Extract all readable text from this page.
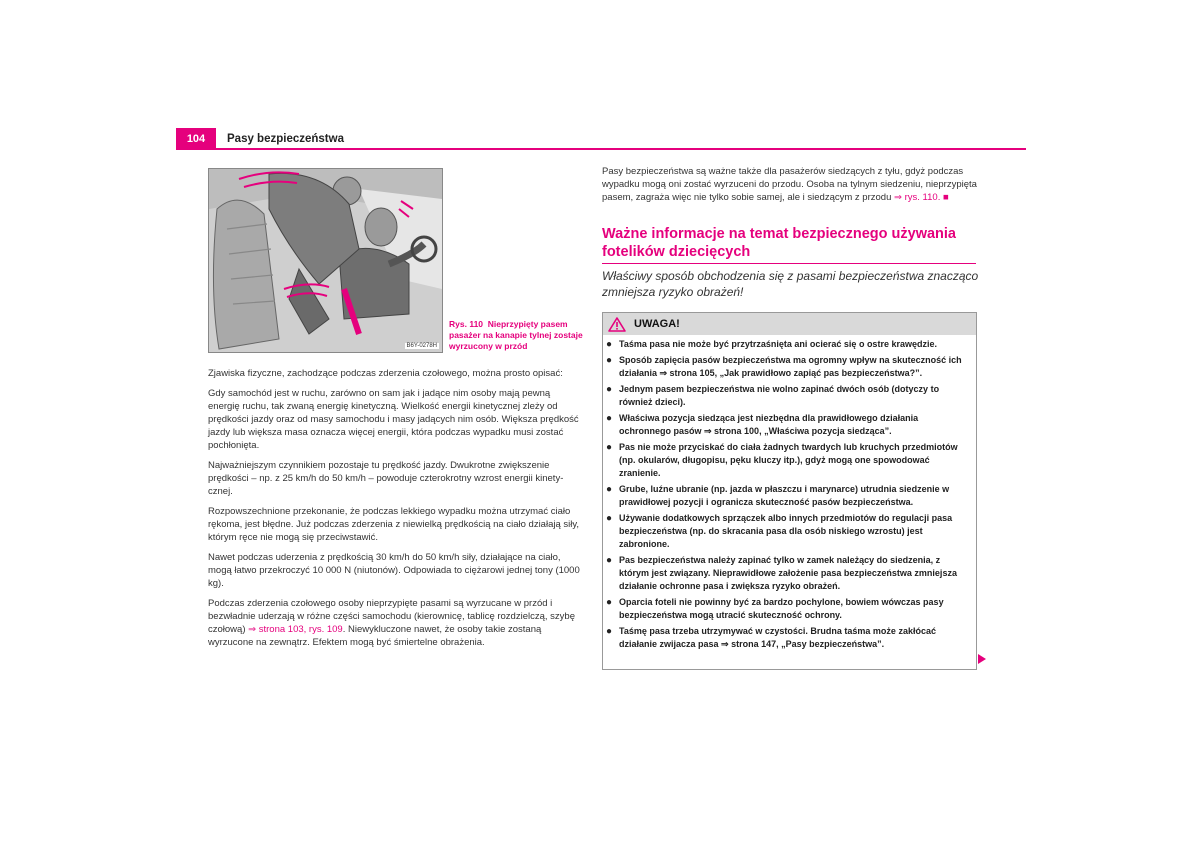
104	Pasy bezpieczeństwa
B6Y-0278H
Rys. 110 Nieprzypięty pasem pasażer na kanapie tylnej zostaje wyrzucony w przód

Zjawiska fizyczne, zachodzące podczas zderzenia czołowego, można prosto opisać:

Gdy samochód jest w ruchu, zarówno on sam jak i jadące nim osoby mają pewną energię ruchu, tak zwaną energię kinetyczną. Wielkość energii kinetycznej zleży od prędkości jazdy oraz od masy samochodu i masy jadących nim osób. Większa prędkość jazdy lub większa masa oznacza więcej energii, która podczas wypadku musi zostać pochłonięta.

Najważniejszym czynnikiem pozostaje tu prędkość jazdy. Dwukrotne zwiększenie prędkości – np. z 25 km/h do 50 km/h – powoduje czterokrotny wzrost energii kinetycznej.

Rozpowszechnione przekonanie, że podczas lekkiego wypadku można utrzymać ciało rękoma, jest błędne. Już podczas zderzenia z niewielką prędkością na ciało działają siły, którym ręce nie mogą się przeciwstawić.

Nawet podczas uderzenia z prędkością 30 km/h do 50 km/h siły, działające na ciało, mogą łatwo przekroczyć 10 000 N (niutonów). Odpowiada to ciężarowi jednej tony (1000 kg).

Podczas zderzenia czołowego osoby nieprzypięte pasami są wyrzucane w przód i bezwładnie uderzają w różne części samochodu (kierownicę, tablicę rozdzielczą, szybę czołową) ⇒ strona 103, rys. 109. Niewykluczone nawet, że osoby takie zostaną wyrzucone na zewnątrz. Efektem mogą być śmiertelne obrażenia.

Pasy bezpieczeństwa są ważne także dla pasażerów siedzących z tyłu, gdyż podczas wypadku mogą oni zostać wyrzuceni do przodu. Osoba na tylnym siedzeniu, nieprzypięta pasem, zagraża więc nie tylko sobie samej, ale i siedzącym z przodu ⇒ rys. 110. ■

Ważne informacje na temat bezpiecznego używania fotelików dziecięcych
Właściwy sposób obchodzenia się z pasami bezpieczeństwa znacząco zmniejsza ryzyko obrażeń!
UWAGA!
● Taśma pasa nie może być przytrzaśnięta ani ocierać się o ostre krawędzie.
● Sposób zapięcia pasów bezpieczeństwa ma ogromny wpływ na skuteczność ich działania ⇒ strona 105, „Jak prawidłowo zapiąć pas bezpieczeństwa?”.
● Jednym pasem bezpieczeństwa nie wolno zapinać dwóch osób (dotyczy to również dzieci).
● Właściwa pozycja siedząca jest niezbędna dla prawidłowego działania ochronnego pasów ⇒ strona 100, „Właściwa pozycja siedząca”.
● Pas nie może przyciskać do ciała żadnych twardych lub kruchych przedmiotów (np. okularów, długopisu, pęku kluczy itp.), gdyż mogą one spowodować zranienie.
● Grube, luźne ubranie (np. jazda w płaszczu i marynarce) utrudnia siedzenie w prawidłowej pozycji i ogranicza skuteczność pasów bezpieczeństwa.
● Używanie dodatkowych sprzączek albo innych przedmiotów do regulacji pasa bezpieczeństwa (np. do skracania pasa dla osób niskiego wzrostu) jest zabronione.
● Pas bezpieczeństwa należy zapinać tylko w zamek należący do siedzenia, z którym jest związany. Nieprawidłowe założenie pasa bezpieczeństwa zmniejsza działanie ochronne pasa i zwiększa ryzyko obrażeń.
● Oparcia foteli nie powinny być za bardzo pochylone, bowiem wówczas pasy bezpieczeństwa mogą utracić skuteczność ochrony.
● Taśmę pasa trzeba utrzymywać w czystości. Brudna taśma może zakłócać działanie zwijacza pasa ⇒ strona 147, „Pasy bezpieczeństwa”.
